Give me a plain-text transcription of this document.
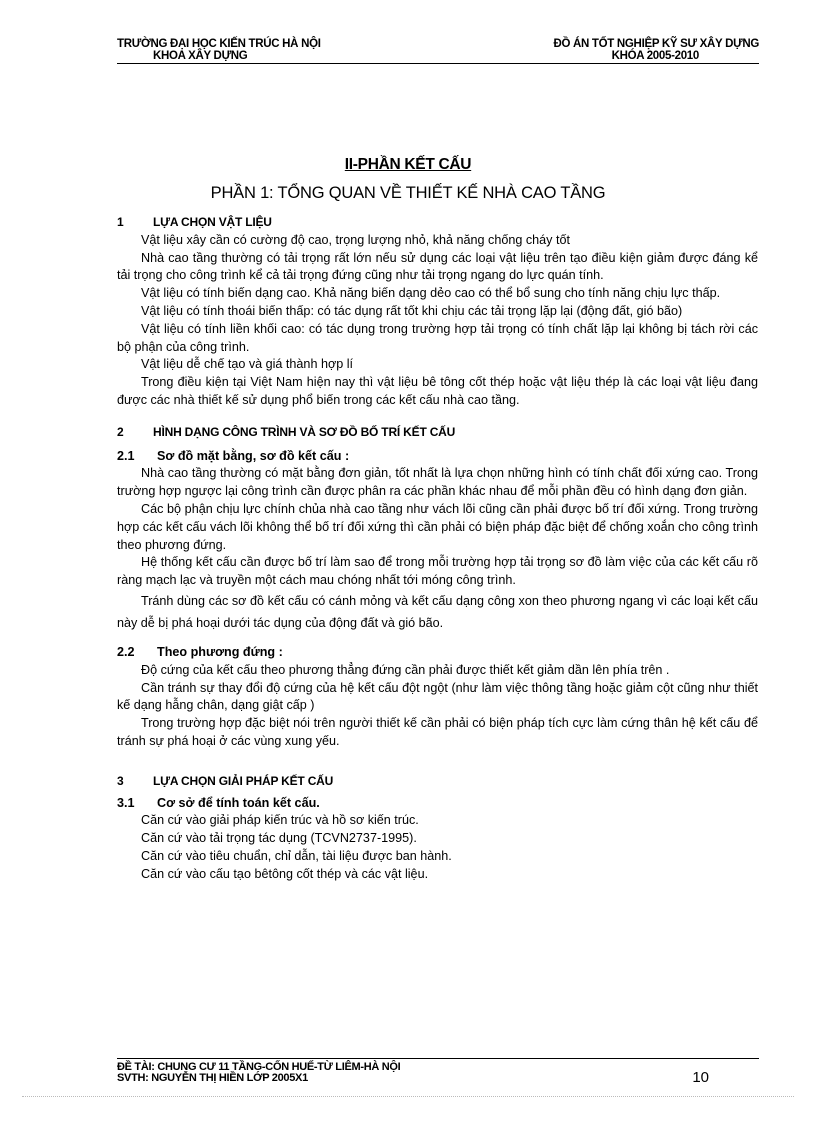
TRƯỜNG ĐẠI HỌC KIẾN TRÚC HÀ NỘI
KHOA XÂY DỰNG
ĐỒ ÁN TỐT NGHIỆP KỸ SƯ XÂY DỰNG
KHÓA 2005-2010
II-PHẦN KẾT CẤU
PHẦN 1: TỔNG QUAN VỀ THIẾT KẾ NHÀ CAO TẦNG

1 LỰA CHỌN VẬT LIỆU

Vật liệu xây cần có cường độ cao, trọng lượng nhỏ, khả năng chống cháy tốt

Nhà cao tầng thường có tải trọng rất lớn nếu sử dụng các loại vật liệu trên tạo điều kiện giảm được đáng kể tải trọng cho công trình kể cả tải trọng đứng cũng như tải trọng ngang do lực quán tính.

Vật liệu có tính biến dạng cao. Khả năng biến dạng dẻo cao có thể bổ sung cho tính năng chịu lực thấp.

Vật liệu có tính thoái biến thấp: có tác dụng rất tốt khi chịu các tải trọng lặp lại (động đất, gió bão)

Vật liệu có tính liền khối cao: có tác dụng trong trường hợp tải trọng có tính chất lặp lại không bị tách rời các bộ phận của công trình.

Vật liệu dễ chế tạo và giá thành hợp lí

Trong điều kiện tại Việt Nam hiện nay thì vật liệu bê tông cốt thép hoặc vật liệu thép là các loại vật liệu đang được các nhà thiết kế sử dụng phổ biến trong các kết cấu nhà cao tầng.

2 HÌNH DẠNG CÔNG TRÌNH VÀ SƠ ĐỒ BỐ TRÍ KẾT CẤU

2.1 Sơ đồ mặt bằng, sơ đồ kết cấu :

Nhà cao tầng thường có mặt bằng đơn giản, tốt nhất là lựa chọn những hình có tính chất đối xứng cao. Trong trường hợp ngược lại công trình cần được phân ra các phần khác nhau để mỗi phần đều có hình dạng đơn giản.

Các bộ phận chịu lực chính chủa nhà cao tầng như vách lõi cũng cần phải được bố trí đối xứng. Trong trường hợp các kết cấu vách lõi không thể bố trí đối xứng thì cần phải có biện pháp đặc biệt để chống xoắn cho công trình theo phương đứng.

Hệ thống kết cấu cần được bố trí làm sao để trong mỗi trường hợp tải trọng sơ đồ làm việc của các kết cấu rõ ràng mạch lạc và truyền một cách mau chóng nhất tới móng công trình.

Tránh dùng các sơ đồ kết cấu có cánh mỏng và kết cấu dạng công xon theo phương ngang vì các loại kết cấu này dễ bị phá hoại dưới tác dụng của động đất và gió bão.

2.2 Theo phương đứng :

Độ cứng của kết cấu theo phương thẳng đứng cần phải được thiết kết giảm dần lên phía trên .

Cần tránh sự thay đổi độ cứng của hệ kết cấu đột ngột (như làm việc thông tầng hoặc giảm cột cũng như thiết kế dạng hẫng chân, dạng giật cấp )

Trong trường hợp đặc biệt nói trên người thiết kế cần phải có biện pháp tích cực làm cứng thân hệ kết cấu để tránh sự phá hoại ở các vùng xung yếu.

3 LỰA CHỌN GIẢI PHÁP KẾT CẤU

3.1 Cơ sở để tính toán kết cấu.

Căn cứ vào giải pháp kiến trúc và hồ sơ kiến trúc.

Căn cứ vào tải trọng tác dụng (TCVN2737-1995).

Căn cứ vào tiêu chuẩn, chỉ dẫn, tài liệu được ban hành.

Căn cứ vào cấu tạo bêtông cốt thép và các vật liệu.

ĐỀ TÀI: CHUNG CƯ 11 TẦNG-CỐN HUẾ-TỪ LIÊM-HÀ NỘI
SVTH: NGUYỄN THỊ HIỀN LỚP 2005X1	10
